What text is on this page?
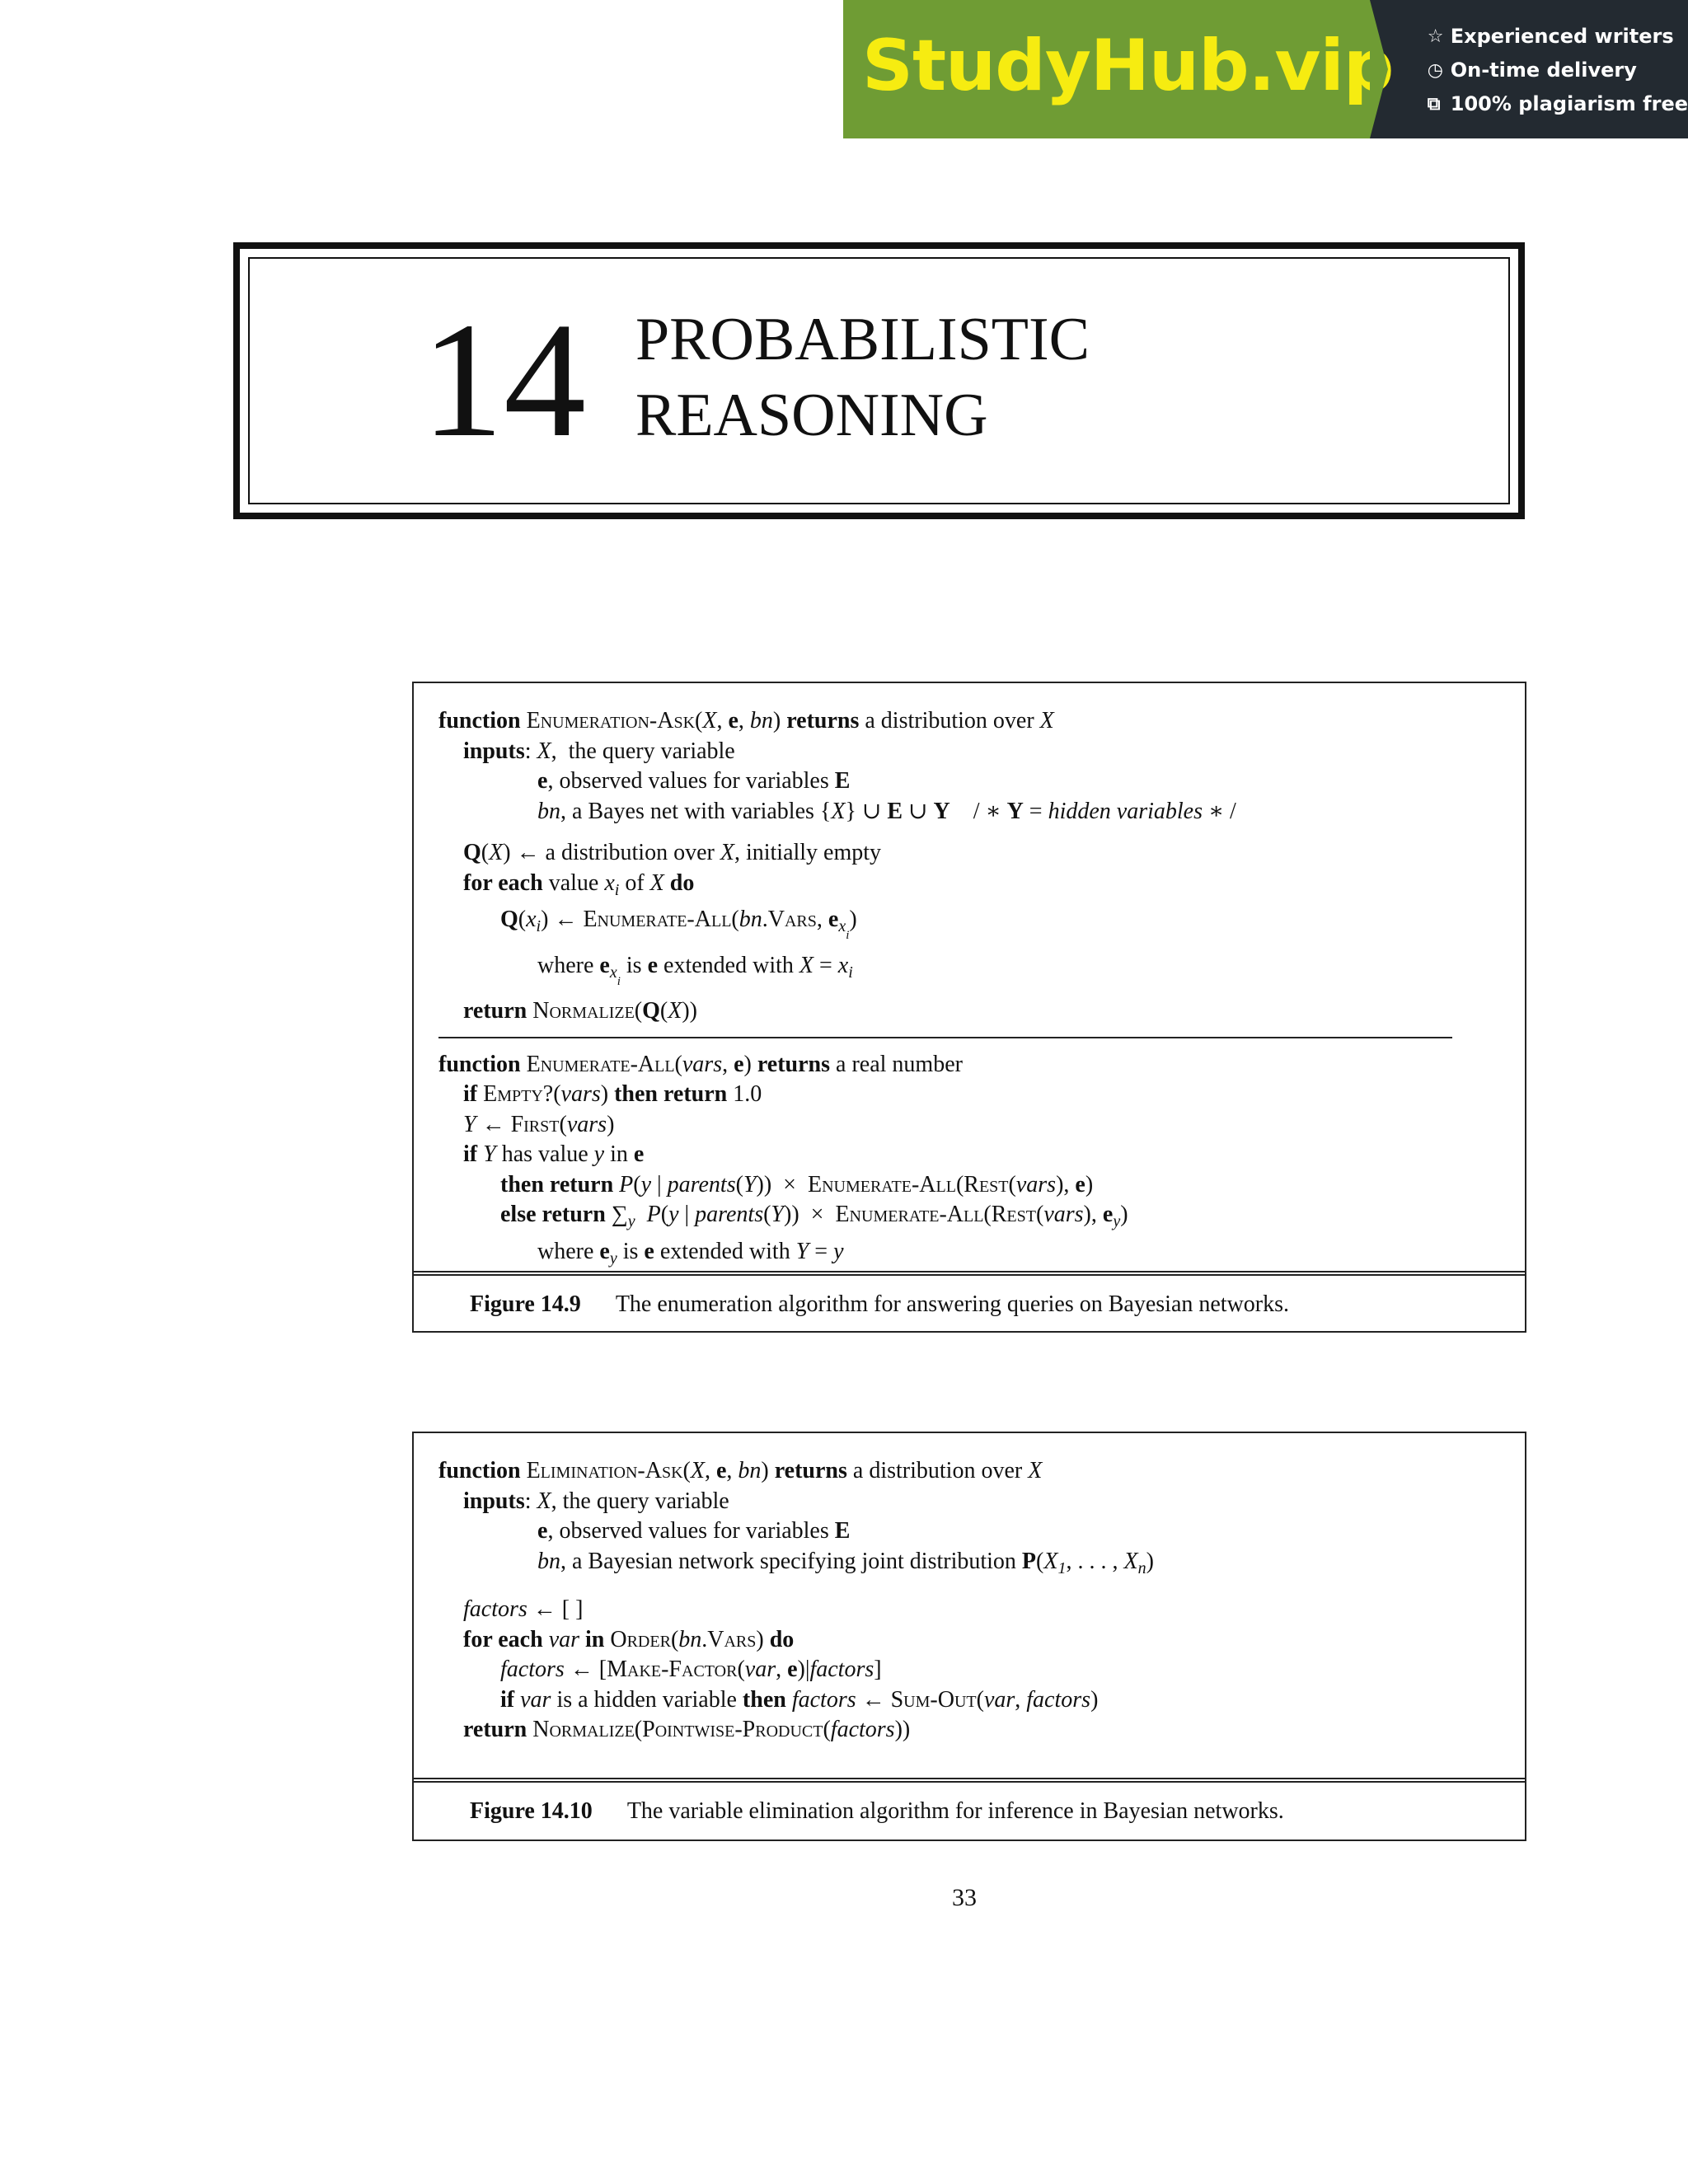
StudyHub.vip ☆ Experienced writers
◷ On-time delivery
⧉ 100% plagiarism free
14 PROBABILISTIC
REASONING
function Enumeration-Ask(X, e, bn) returns a distribution over X
inputs: X,  the query variable
e, observed values for variables E
bn, a Bayes net with variables {X} ∪ E ∪ Y    / ∗ Y = hidden variables ∗ /
Q(X) ← a distribution over X, initially empty
for each value $x_i$ of X do
$Q(x_i)$ ← Enumerate-All(bn.Vars, $e_{x_i}$)
where $e_{x_i}$ is e extended with $X = x_i$
return Normalize(Q(X))
function Enumerate-All(vars, e) returns a real number
if Empty?(vars) then return 1.0
Y ← First(vars)
if Y has value y in e
then return P(y | parents(Y))  ×  Enumerate-All(Rest(vars), e)
else return $\sum_y$ P(y | parents(Y))  ×  Enumerate-All(Rest(vars), $e_y$)
where $e_y$ is e extended with Y = y
Figure 14.9 The enumeration algorithm for answering queries on Bayesian networks.
function Elimination-Ask(X, e, bn) returns a distribution over X
inputs: X, the query variable
e, observed values for variables E
bn, a Bayesian network specifying joint distribution $P(X_1$, . . . , $X_n$)
factors ← [ ]
for each var in Order(bn.Vars) do
factors ← [Make-Factor(var, e)|factors]
if var is a hidden variable then factors ← Sum-Out(var, factors)
return Normalize(Pointwise-Product(factors))
Figure 14.10 The variable elimination algorithm for inference in Bayesian networks.
33
